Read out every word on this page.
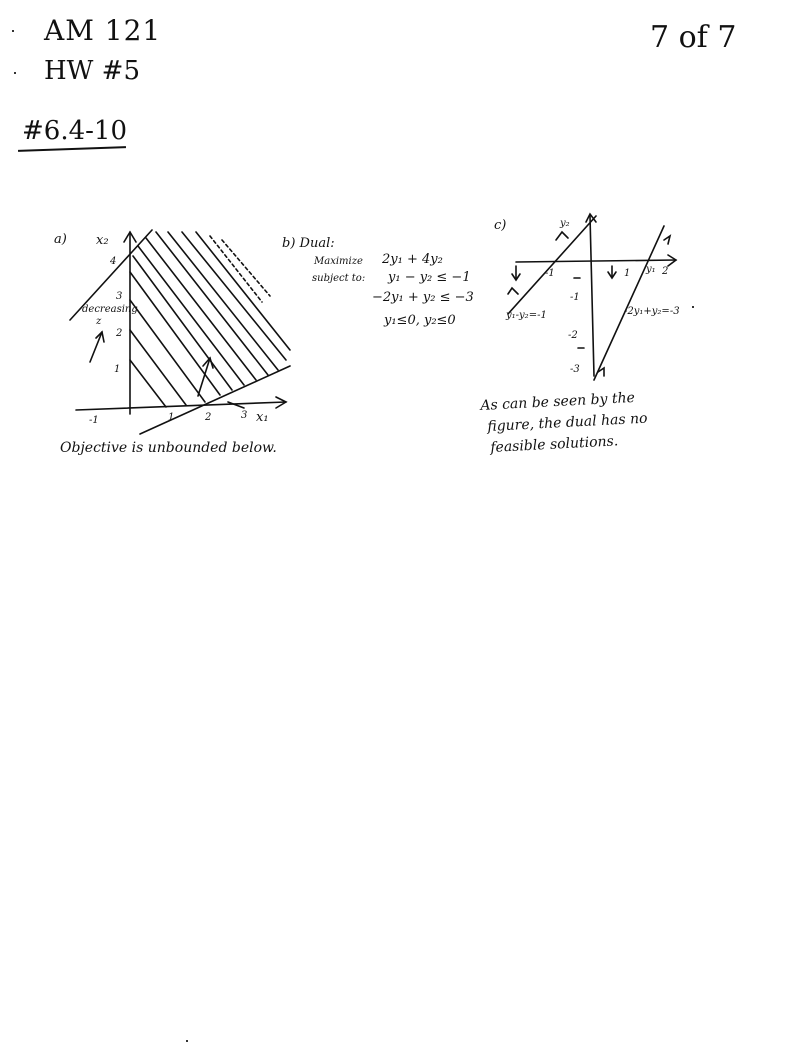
AM 121
HW #5
7 of 7
#6.4-10
a) x₂
x₁
-1	1	2	3
4
3
2
1
decreasing
z
Objective is unbounded below.
b) Dual:
Maximize 2y₁ + 4y₂
subject to: y₁ − y₂ ≤ −1
−2y₁ + y₂ ≤ −3
y₁≤0, y₂≤0
c)	y₂
y₁
-1	1	2
-1
-2
-3
y₁-y₂=-1	-2y₁+y₂=-3
As can be seen by the
figure, the dual has no
feasible solutions.
